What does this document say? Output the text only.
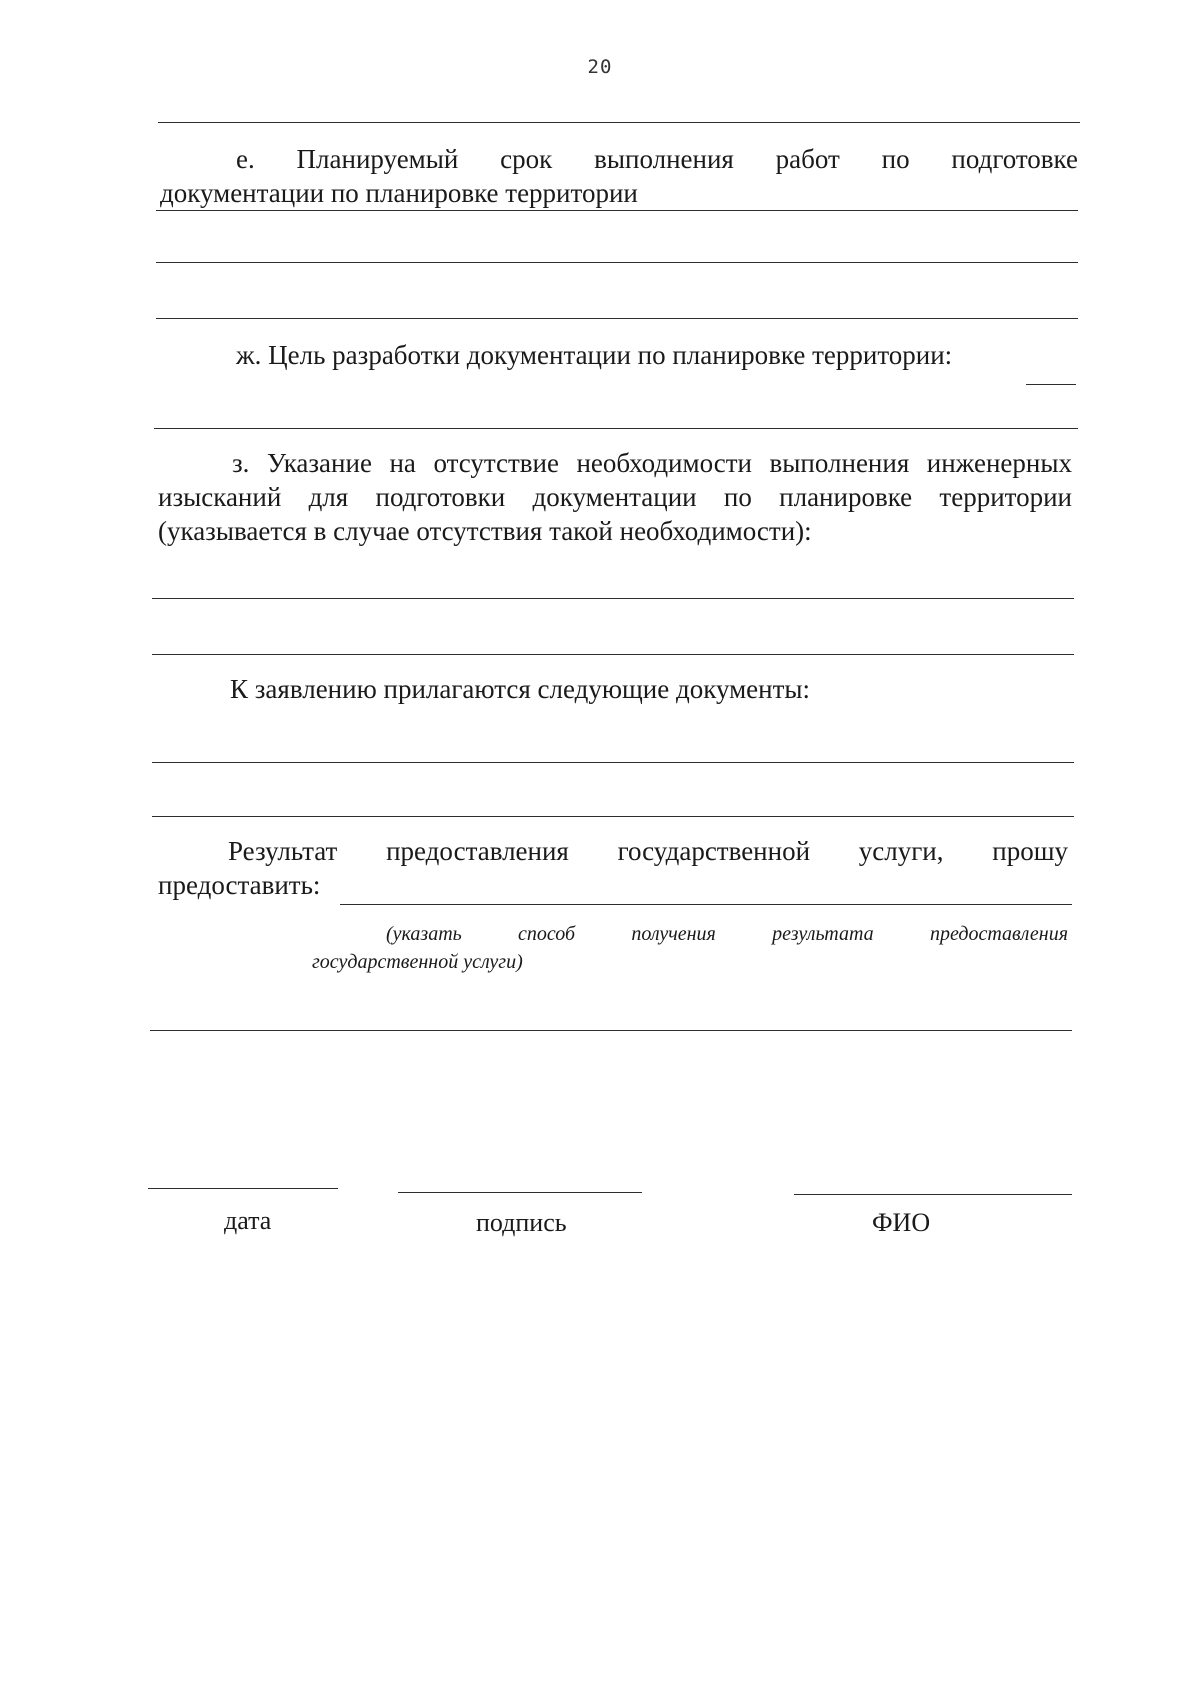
20
е. Планируемый срок выполнения работ по подготовке
документации по планировке территории
ж. Цель разработки документации по планировке территории:
з. Указание на отсутствие необходимости выполнения инженерных
изысканий для подготовки документации по планировке территории
(указывается в случае отсутствия такой необходимости):
К заявлению прилагаются следующие документы:
Результат предоставления государственной услуги, прошу
предоставить:
(указать способ получения результата предоставления
государственной услуги)
дата	подпись	ФИО
